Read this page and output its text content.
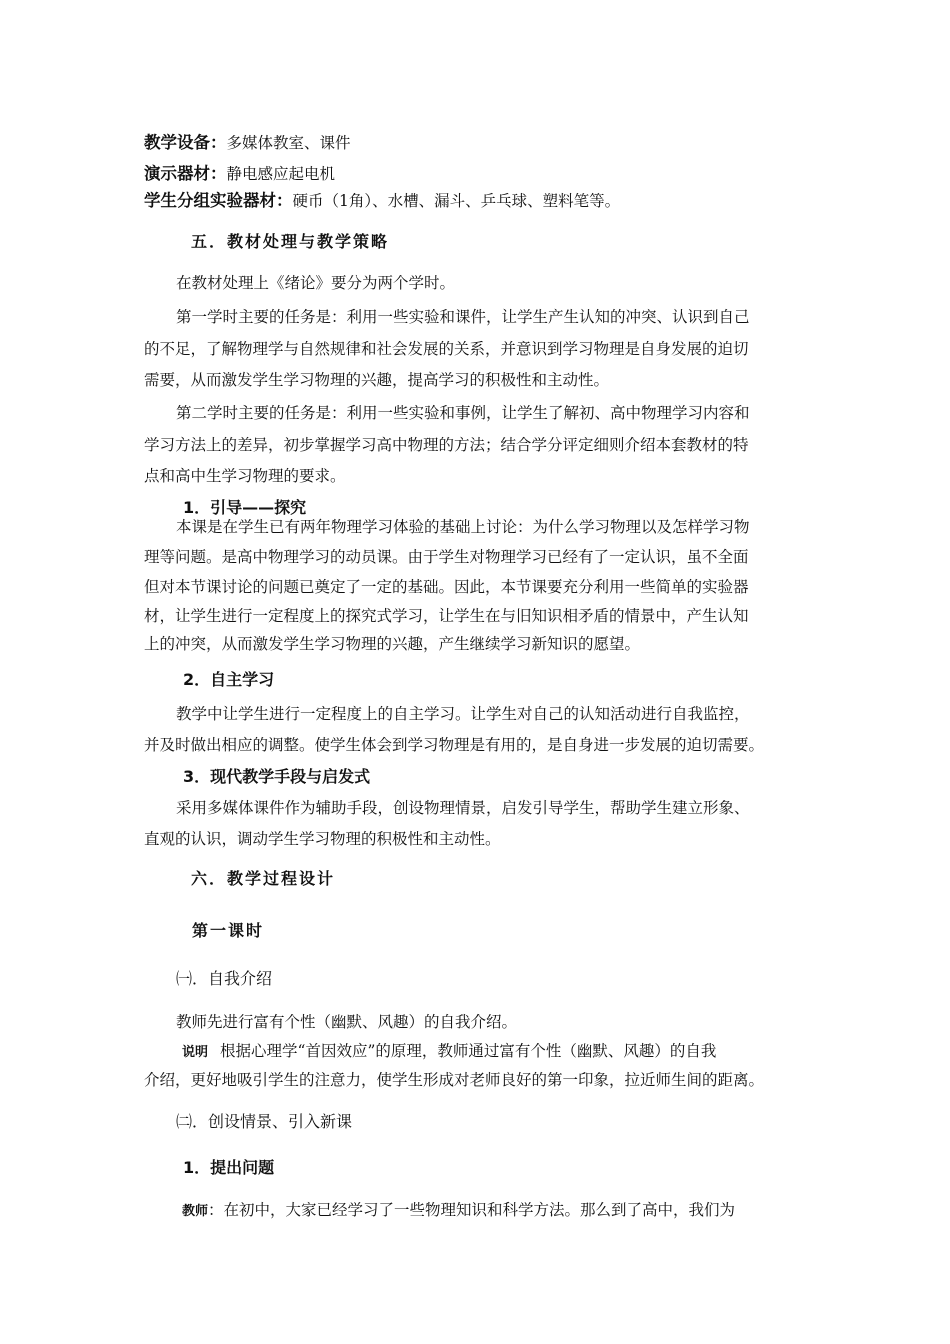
教学设备：多媒体教室、课件
演示器材：静电感应起电机
学生分组实验器材：硬币（1角）、水槽、漏斗、乒乓球、塑料笔等。
五．教材处理与教学策略
在教材处理上《绪论》要分为两个学时。
第一学时主要的任务是：利用一些实验和课件，让学生产生认知的冲突、认识到自己
的不足，了解物理学与自然规律和社会发展的关系，并意识到学习物理是自身发展的迫切
需要，从而激发学生学习物理的兴趣，提高学习的积极性和主动性。
第二学时主要的任务是：利用一些实验和事例，让学生了解初、高中物理学习内容和
学习方法上的差异，初步掌握学习高中物理的方法；结合学分评定细则介绍本套教材的特
点和高中生学习物理的要求。
1．引导——探究
本课是在学生已有两年物理学习体验的基础上讨论：为什么学习物理以及怎样学习物
理等问题。是高中物理学习的动员课。由于学生对物理学习已经有了一定认识，虽不全面
但对本节课讨论的问题已奠定了一定的基础。因此，本节课要充分利用一些简单的实验器
材，让学生进行一定程度上的探究式学习，让学生在与旧知识相矛盾的情景中，产生认知
上的冲突，从而激发学生学习物理的兴趣，产生继续学习新知识的愿望。
2．自主学习
教学中让学生进行一定程度上的自主学习。让学生对自己的认知活动进行自我监控，
并及时做出相应的调整。使学生体会到学习物理是有用的，是自身进一步发展的迫切需要。
3．现代教学手段与启发式
采用多媒体课件作为辅助手段，创设物理情景，启发引导学生，帮助学生建立形象、
直观的认识，调动学生学习物理的积极性和主动性。
六．教学过程设计
第一课时
㈠．自我介绍
教师先进行富有个性（幽默、风趣）的自我介绍。
说明 根据心理学“首因效应”的原理，教师通过富有个性（幽默、风趣）的自我
介绍，更好地吸引学生的注意力，使学生形成对老师良好的第一印象，拉近师生间的距离。
㈡．创设情景、引入新课
1．提出问题
教师：在初中，大家已经学习了一些物理知识和科学方法。那么到了高中，我们为
